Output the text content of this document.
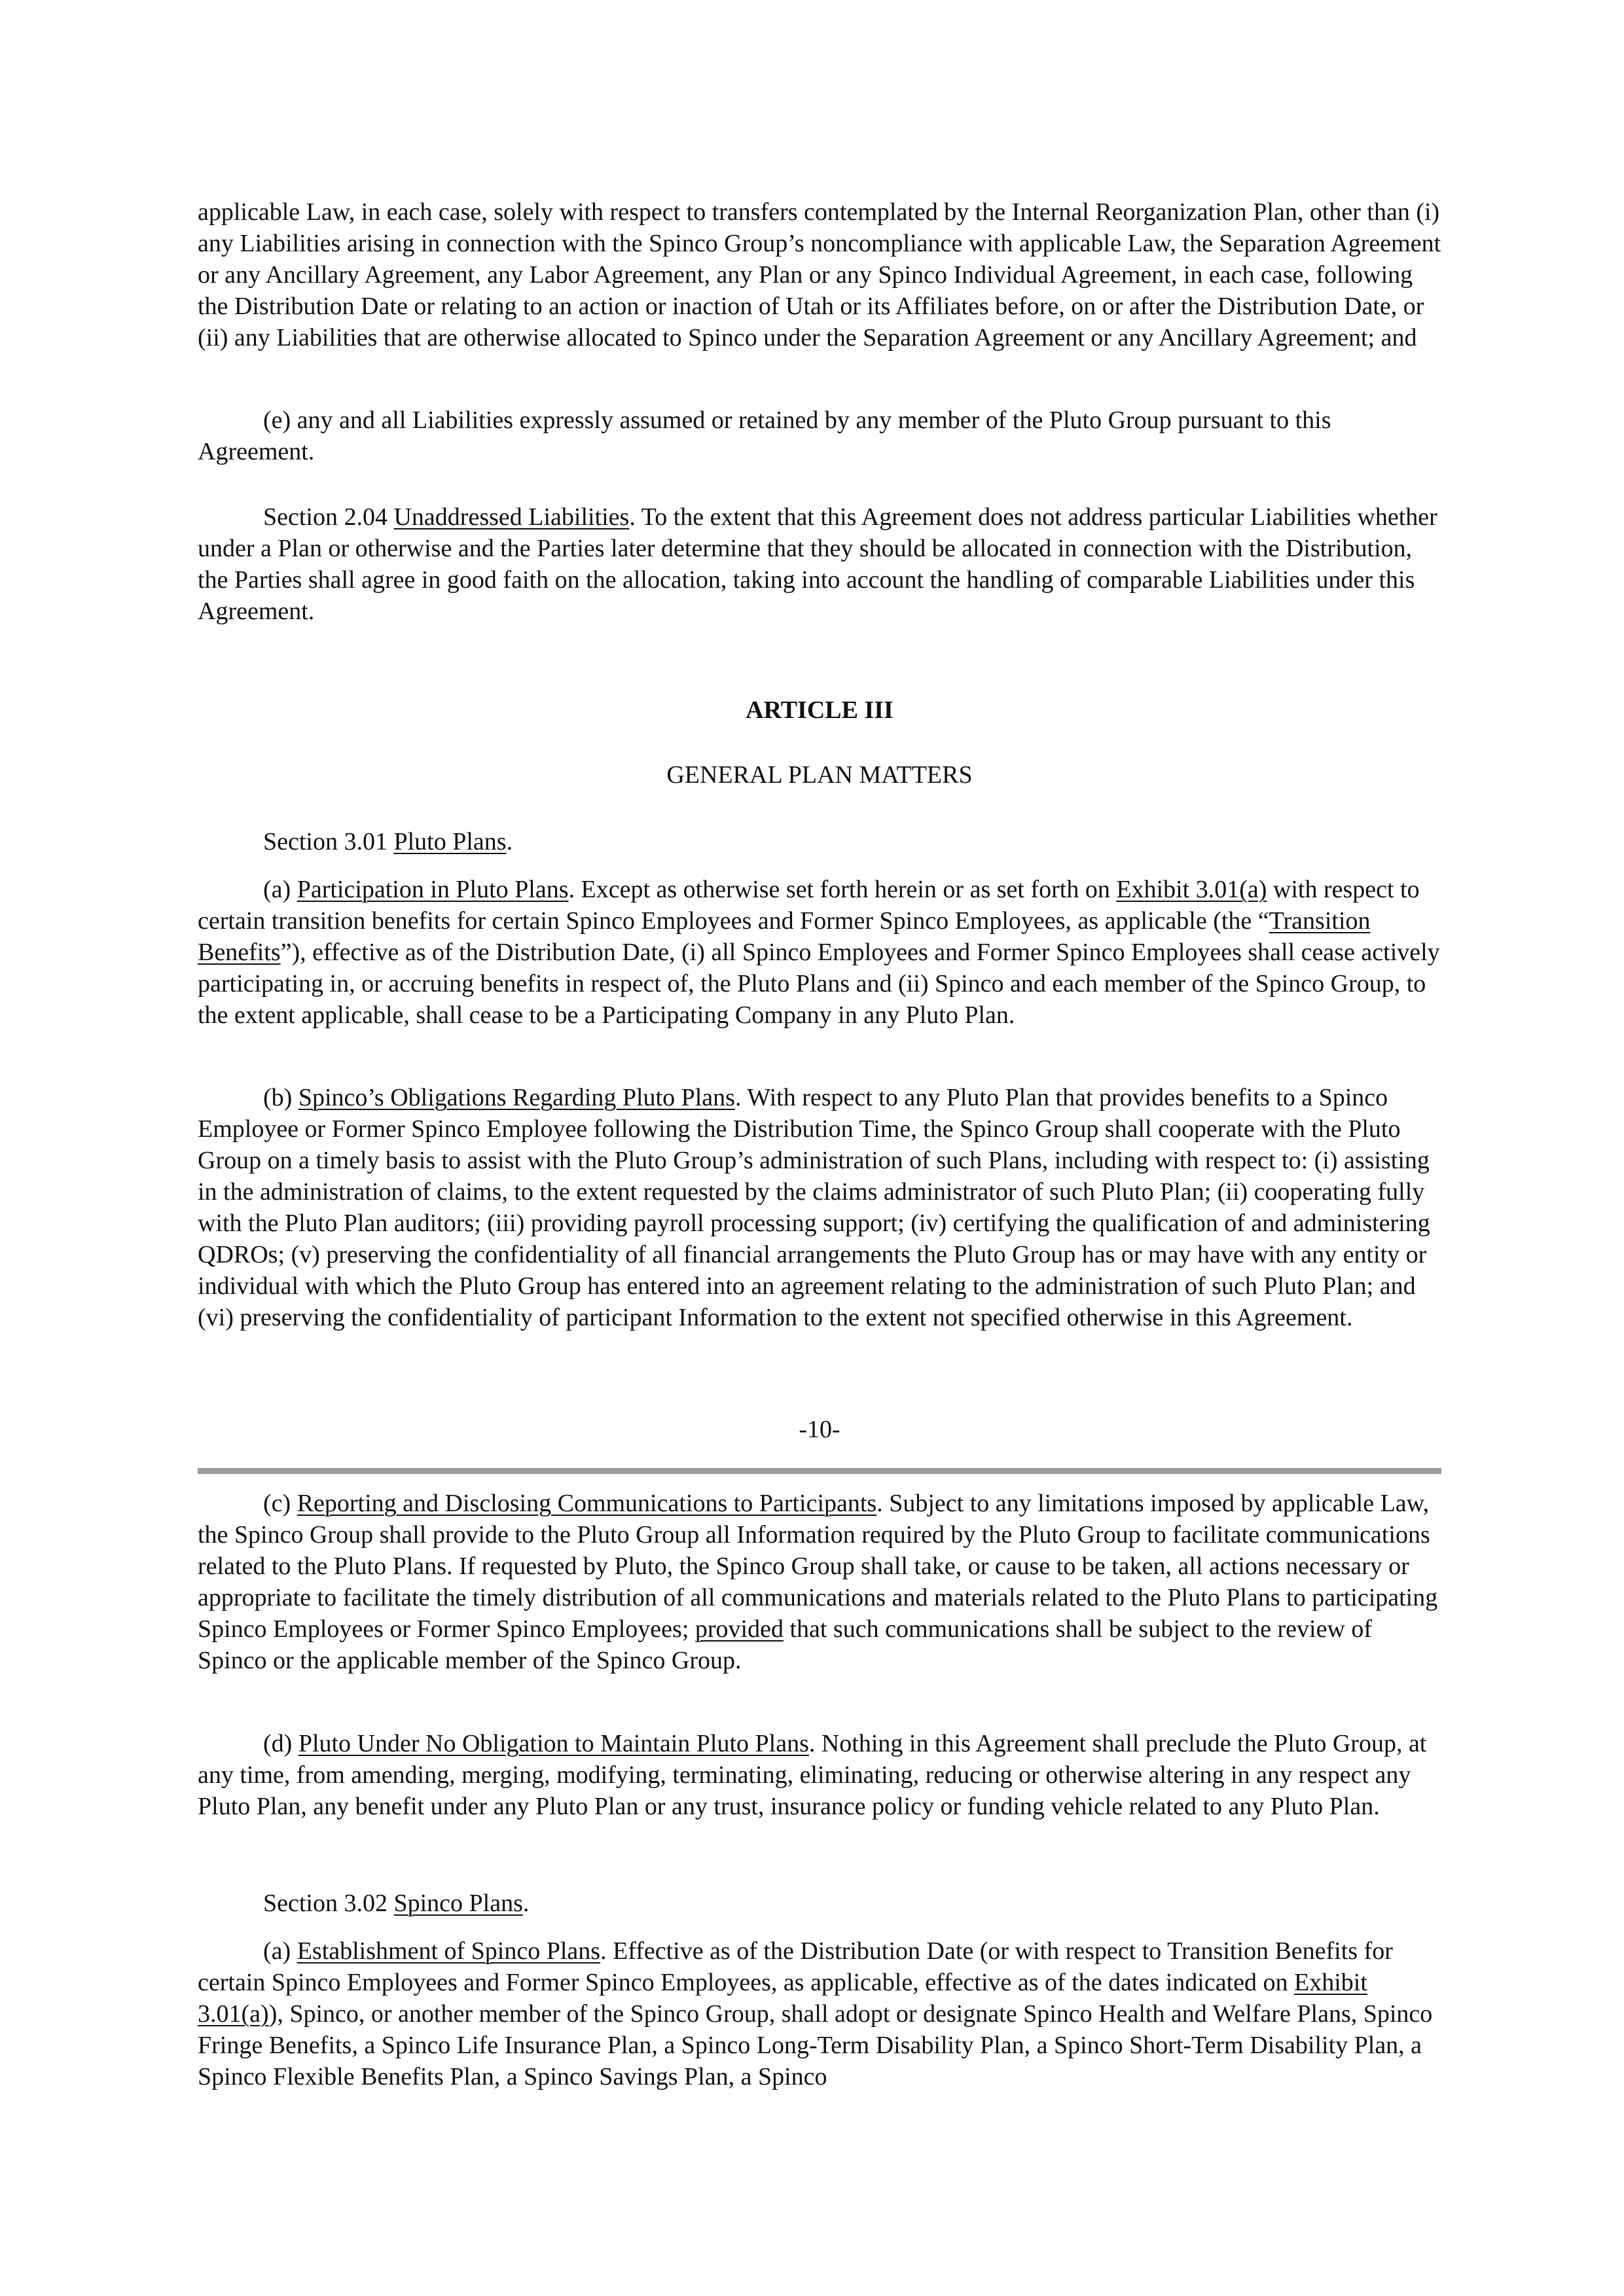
applicable Law, in each case, solely with respect to transfers contemplated by the Internal Reorganization Plan, other than (i) any Liabilities arising in connection with the Spinco Group’s noncompliance with applicable Law, the Separation Agreement or any Ancillary Agreement, any Labor Agreement, any Plan or any Spinco Individual Agreement, in each case, following the Distribution Date or relating to an action or inaction of Utah or its Affiliates before, on or after the Distribution Date, or (ii) any Liabilities that are otherwise allocated to Spinco under the Separation Agreement or any Ancillary Agreement; and

(e) any and all Liabilities expressly assumed or retained by any member of the Pluto Group pursuant to this Agreement.

Section 2.04 Unaddressed Liabilities. To the extent that this Agreement does not address particular Liabilities whether under a Plan or otherwise and the Parties later determine that they should be allocated in connection with the Distribution, the Parties shall agree in good faith on the allocation, taking into account the handling of comparable Liabilities under this Agreement.

ARTICLE III

GENERAL PLAN MATTERS

Section 3.01 Pluto Plans.

(a) Participation in Pluto Plans. Except as otherwise set forth herein or as set forth on Exhibit 3.01(a) with respect to certain transition benefits for certain Spinco Employees and Former Spinco Employees, as applicable (the “Transition Benefits”), effective as of the Distribution Date, (i) all Spinco Employees and Former Spinco Employees shall cease actively participating in, or accruing benefits in respect of, the Pluto Plans and (ii) Spinco and each member of the Spinco Group, to the extent applicable, shall cease to be a Participating Company in any Pluto Plan.

(b) Spinco’s Obligations Regarding Pluto Plans. With respect to any Pluto Plan that provides benefits to a Spinco Employee or Former Spinco Employee following the Distribution Time, the Spinco Group shall cooperate with the Pluto Group on a timely basis to assist with the Pluto Group’s administration of such Plans, including with respect to: (i) assisting in the administration of claims, to the extent requested by the claims administrator of such Pluto Plan; (ii) cooperating fully with the Pluto Plan auditors; (iii) providing payroll processing support; (iv) certifying the qualification of and administering QDROs; (v) preserving the confidentiality of all financial arrangements the Pluto Group has or may have with any entity or individual with which the Pluto Group has entered into an agreement relating to the administration of such Pluto Plan; and (vi) preserving the confidentiality of participant Information to the extent not specified otherwise in this Agreement.

-10-

(c) Reporting and Disclosing Communications to Participants. Subject to any limitations imposed by applicable Law, the Spinco Group shall provide to the Pluto Group all Information required by the Pluto Group to facilitate communications related to the Pluto Plans. If requested by Pluto, the Spinco Group shall take, or cause to be taken, all actions necessary or appropriate to facilitate the timely distribution of all communications and materials related to the Pluto Plans to participating Spinco Employees or Former Spinco Employees; provided that such communications shall be subject to the review of Spinco or the applicable member of the Spinco Group.

(d) Pluto Under No Obligation to Maintain Pluto Plans. Nothing in this Agreement shall preclude the Pluto Group, at any time, from amending, merging, modifying, terminating, eliminating, reducing or otherwise altering in any respect any Pluto Plan, any benefit under any Pluto Plan or any trust, insurance policy or funding vehicle related to any Pluto Plan.

Section 3.02 Spinco Plans.

(a) Establishment of Spinco Plans. Effective as of the Distribution Date (or with respect to Transition Benefits for certain Spinco Employees and Former Spinco Employees, as applicable, effective as of the dates indicated on Exhibit 3.01(a)), Spinco, or another member of the Spinco Group, shall adopt or designate Spinco Health and Welfare Plans, Spinco Fringe Benefits, a Spinco Life Insurance Plan, a Spinco Long-Term Disability Plan, a Spinco Short-Term Disability Plan, a Spinco Flexible Benefits Plan, a Spinco Savings Plan, a Spinco
